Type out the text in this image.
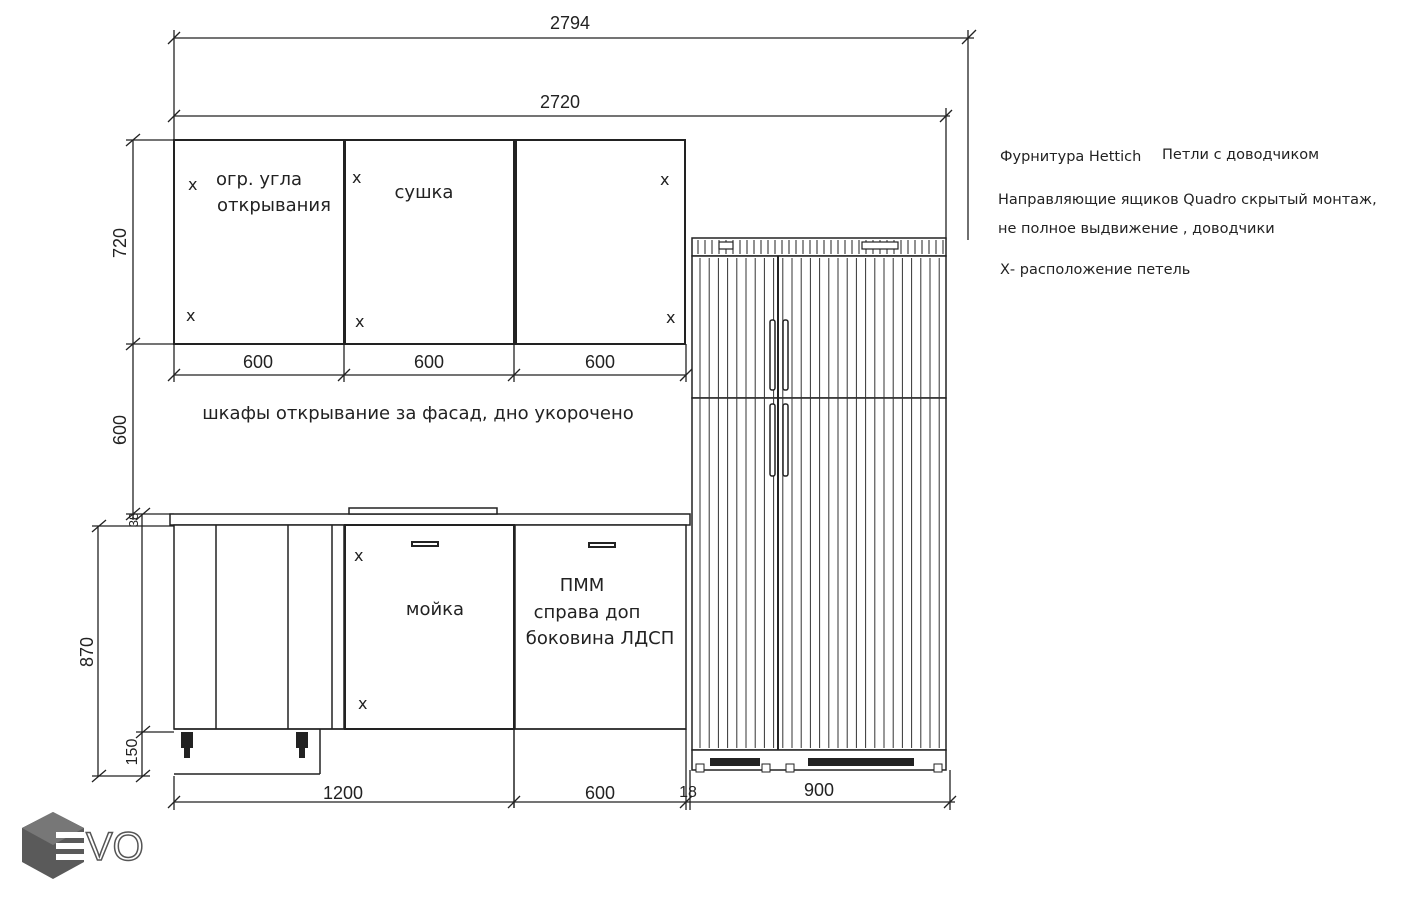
2794
2720
720
600
38
870
150
600	600	600
огр. угла
открывания
сушка
x
x
x
x
x
x
шкафы открывание за фасад, дно укорочено
x
x
мойка
ПММ
справа доп
боковина ЛДСП
1200	600	18	900
Фурнитура Hettich Петли с доводчиком
Направляющие ящиков Quadro скрытый монтаж,
не полное выдвижение , доводчики
Х- расположение петель
VO
